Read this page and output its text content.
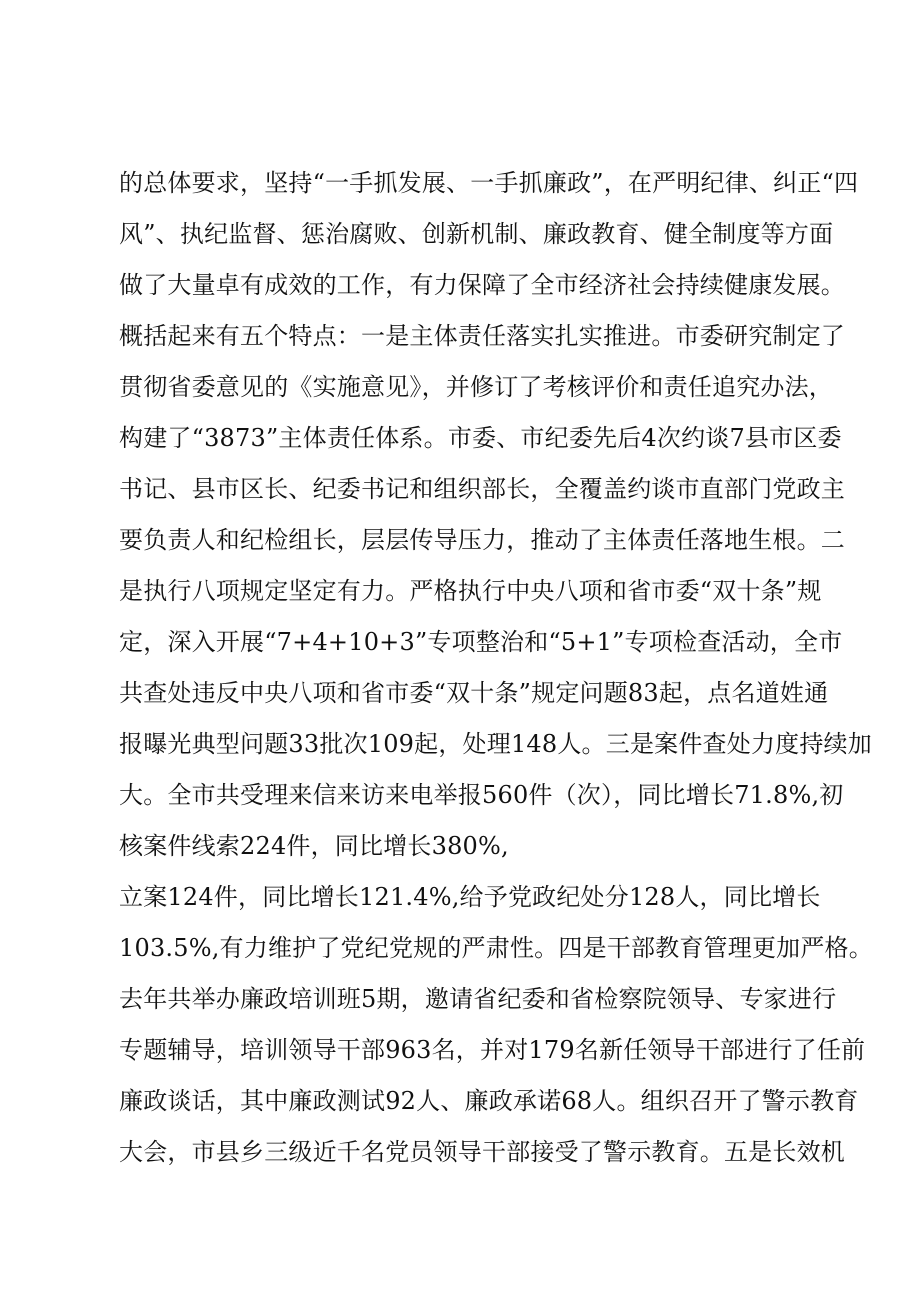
的总体要求，坚持“一手抓发展、一手抓廉政”，在严明纪律、纠正“四
风”、执纪监督、惩治腐败、创新机制、廉政教育、健全制度等方面
做了大量卓有成效的工作，有力保障了全市经济社会持续健康发展。
概括起来有五个特点：一是主体责任落实扎实推进。市委研究制定了
贯彻省委意见的《实施意见》，并修订了考核评价和责任追究办法，
构建了“3873”主体责任体系。市委、市纪委先后4次约谈7县市区委
书记、县市区长、纪委书记和组织部长，全覆盖约谈市直部门党政主
要负责人和纪检组长，层层传导压力，推动了主体责任落地生根。二
是执行八项规定坚定有力。严格执行中央八项和省市委“双十条”规
定，深入开展“7+4+10+3”专项整治和“5+1”专项检查活动，全市
共查处违反中央八项和省市委“双十条”规定问题83起，点名道姓通
报曝光典型问题33批次109起，处理148人。三是案件查处力度持续加
大。全市共受理来信来访来电举报560件（次），同比增长71.8%,初
核案件线索224件，同比增长380%,
立案124件，同比增长121.4%,给予党政纪处分128人，同比增长
103.5%,有力维护了党纪党规的严肃性。四是干部教育管理更加严格。
去年共举办廉政培训班5期，邀请省纪委和省检察院领导、专家进行
专题辅导，培训领导干部963名，并对179名新任领导干部进行了任前
廉政谈话，其中廉政测试92人、廉政承诺68人。组织召开了警示教育
大会，市县乡三级近千名党员领导干部接受了警示教育。五是长效机
